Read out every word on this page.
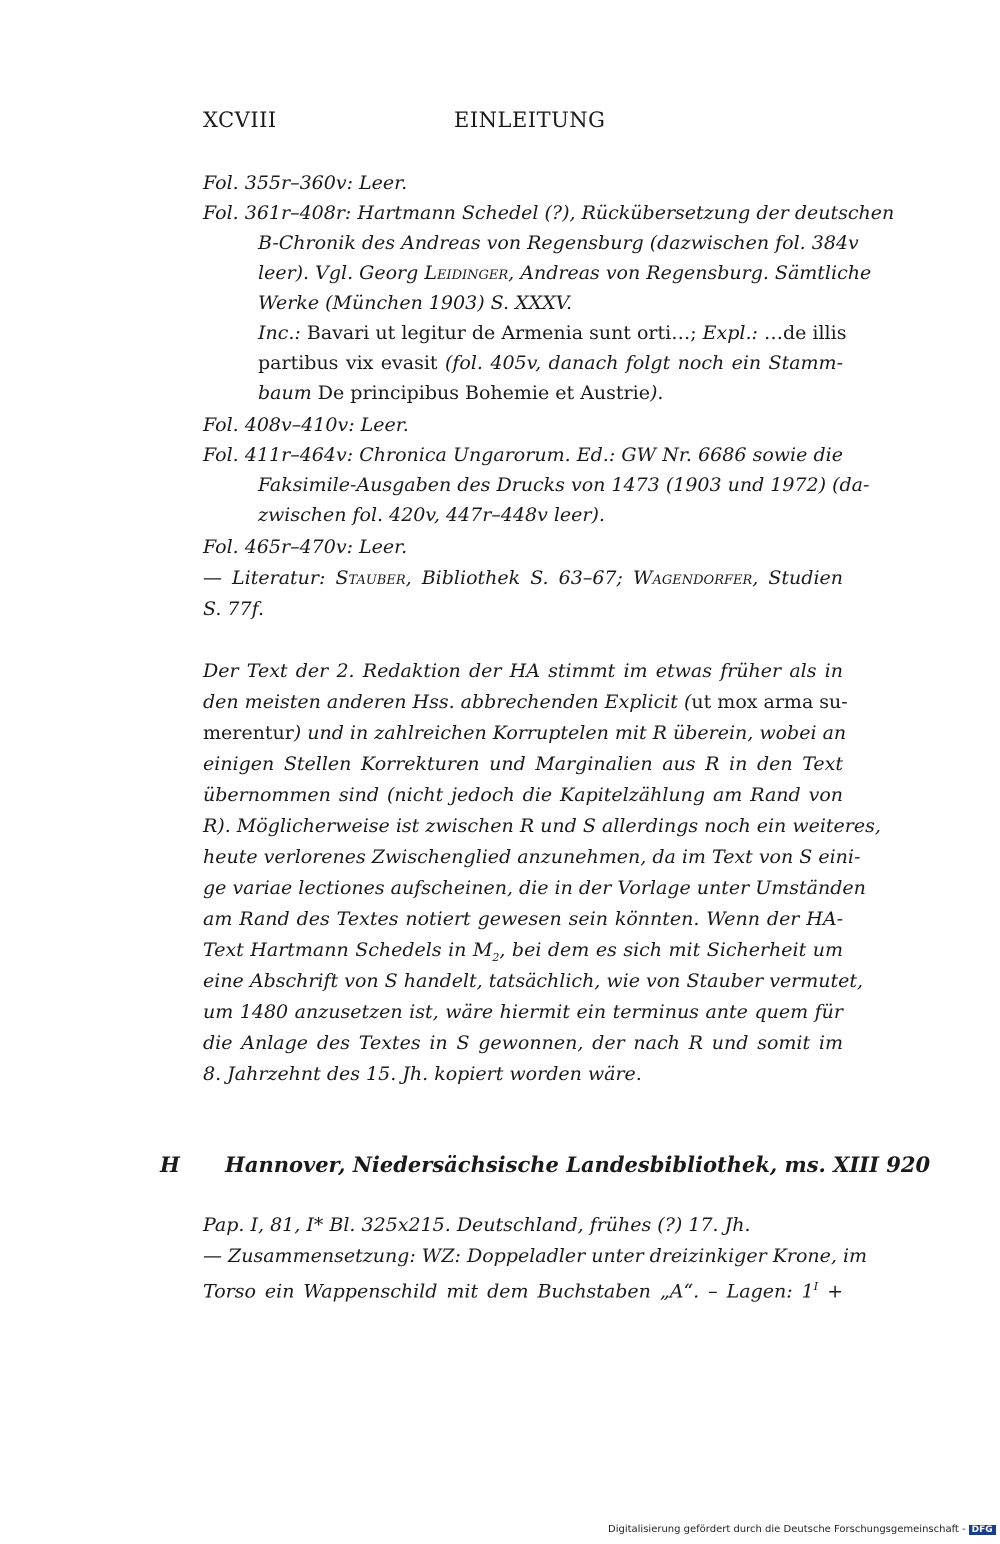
XCVIII	EINLEITUNG
Fol. 355r–360v: Leer.
Fol. 361r–408r: Hartmann Schedel (?), Rückübersetzung der deutschen
B-Chronik des Andreas von Regensburg (dazwischen fol. 384v
leer). Vgl. Georg Leidinger, Andreas von Regensburg. Sämtliche
Werke (München 1903) S. XXXV.
Inc.: Bavari ut legitur de Armenia sunt orti…; Expl.: …de illis
partibus vix evasit (fol. 405v, danach folgt noch ein Stamm-
baum De principibus Bohemie et Austrie).
Fol. 408v–410v: Leer.
Fol. 411r–464v: Chronica Ungarorum. Ed.: GW Nr. 6686 sowie die
Faksimile-Ausgaben des Drucks von 1473 (1903 und 1972) (da-
zwischen fol. 420v, 447r–448v leer).
Fol. 465r–470v: Leer.
— Literatur: Stauber, Bibliothek S. 63–67; Wagendorfer, Studien
S. 77f.
Der Text der 2. Redaktion der HA stimmt im etwas früher als in
den meisten anderen Hss. abbrechenden Explicit (ut mox arma su-
merentur) und in zahlreichen Korruptelen mit R überein, wobei an
einigen Stellen Korrekturen und Marginalien aus R in den Text
übernommen sind (nicht jedoch die Kapitelzählung am Rand von
R). Möglicherweise ist zwischen R und S allerdings noch ein weiteres,
heute verlorenes Zwischenglied anzunehmen, da im Text von S eini-
ge variae lectiones aufscheinen, die in der Vorlage unter Umständen
am Rand des Textes notiert gewesen sein könnten. Wenn der HA-
Text Hartmann Schedels in $M_2$, bei dem es sich mit Sicherheit um
eine Abschrift von S handelt, tatsächlich, wie von Stauber vermutet,
um 1480 anzusetzen ist, wäre hiermit ein terminus ante quem für
die Anlage des Textes in S gewonnen, der nach R und somit im
8. Jahrzehnt des 15. Jh. kopiert worden wäre.
H Hannover, Niedersächsische Landesbibliothek, ms. XIII 920
Pap. I, 81, I* Bl. 325x215. Deutschland, frühes (?) 17. Jh.
— Zusammensetzung: WZ: Doppeladler unter dreizinkiger Krone, im
Torso ein Wappenschild mit dem Buchstaben „A“. – Lagen: $1^I$ +
Digitalisierung gefördert durch die Deutsche Forschungsgemeinschaft - DFG
